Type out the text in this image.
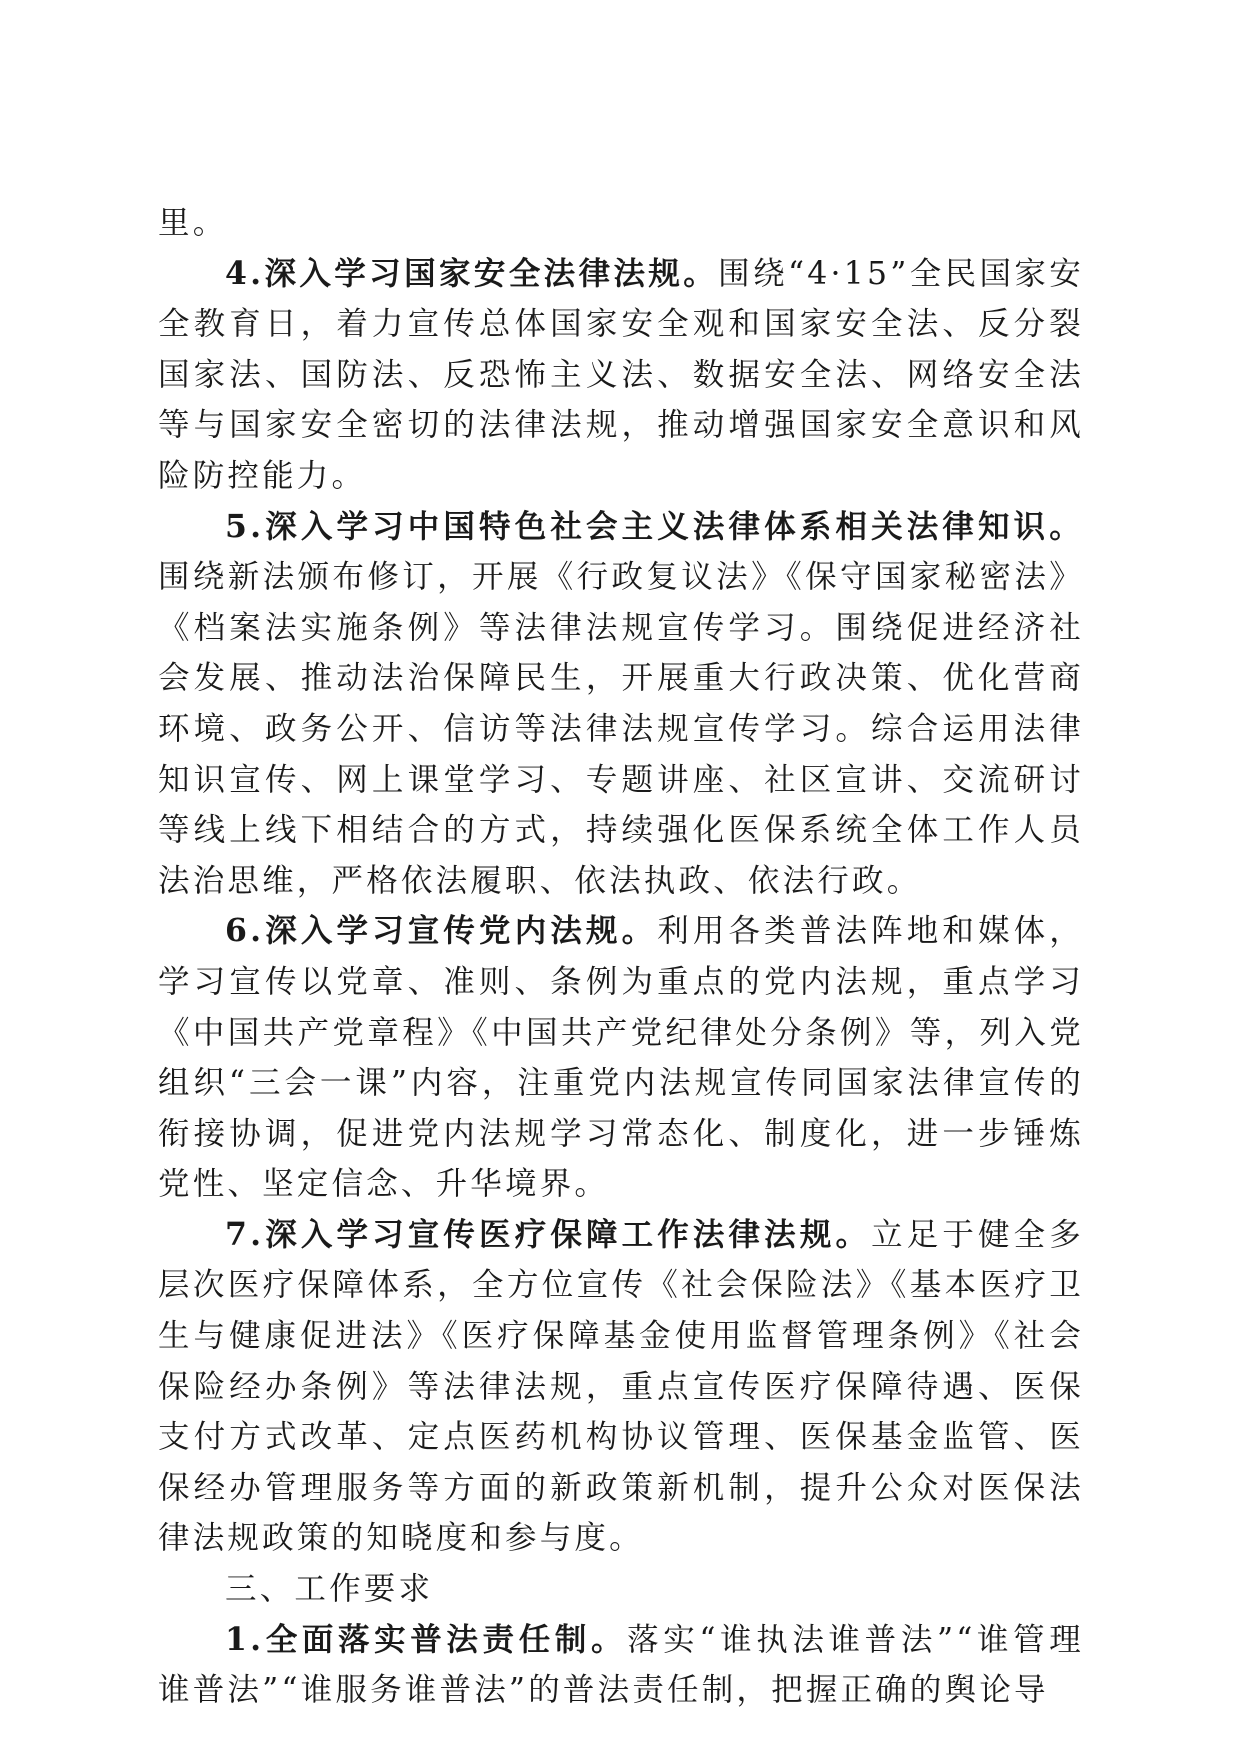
里。

4.深入学习国家安全法律法规。围绕“4·15”全民国家安全教育日，着力宣传总体国家安全观和国家安全法、反分裂国家法、国防法、反恐怖主义法、数据安全法、网络安全法等与国家安全密切的法律法规，推动增强国家安全意识和风险防控能力。

5.深入学习中国特色社会主义法律体系相关法律知识。围绕新法颁布修订，开展《行政复议法》《保守国家秘密法》《档案法实施条例》等法律法规宣传学习。围绕促进经济社会发展、推动法治保障民生，开展重大行政决策、优化营商环境、政务公开、信访等法律法规宣传学习。综合运用法律知识宣传、网上课堂学习、专题讲座、社区宣讲、交流研讨等线上线下相结合的方式，持续强化医保系统全体工作人员法治思维，严格依法履职、依法执政、依法行政。

6.深入学习宣传党内法规。利用各类普法阵地和媒体，学习宣传以党章、准则、条例为重点的党内法规，重点学习《中国共产党章程》《中国共产党纪律处分条例》等，列入党组织“三会一课”内容，注重党内法规宣传同国家法律宣传的衔接协调，促进党内法规学习常态化、制度化，进一步锤炼党性、坚定信念、升华境界。

7.深入学习宣传医疗保障工作法律法规。立足于健全多层次医疗保障体系，全方位宣传《社会保险法》《基本医疗卫生与健康促进法》《医疗保障基金使用监督管理条例》《社会保险经办条例》等法律法规，重点宣传医疗保障待遇、医保支付方式改革、定点医药机构协议管理、医保基金监管、医保经办管理服务等方面的新政策新机制，提升公众对医保法律法规政策的知晓度和参与度。

三、工作要求

1.全面落实普法责任制。落实“谁执法谁普法”“谁管理谁普法”“谁服务谁普法”的普法责任制，把握正确的舆论导
